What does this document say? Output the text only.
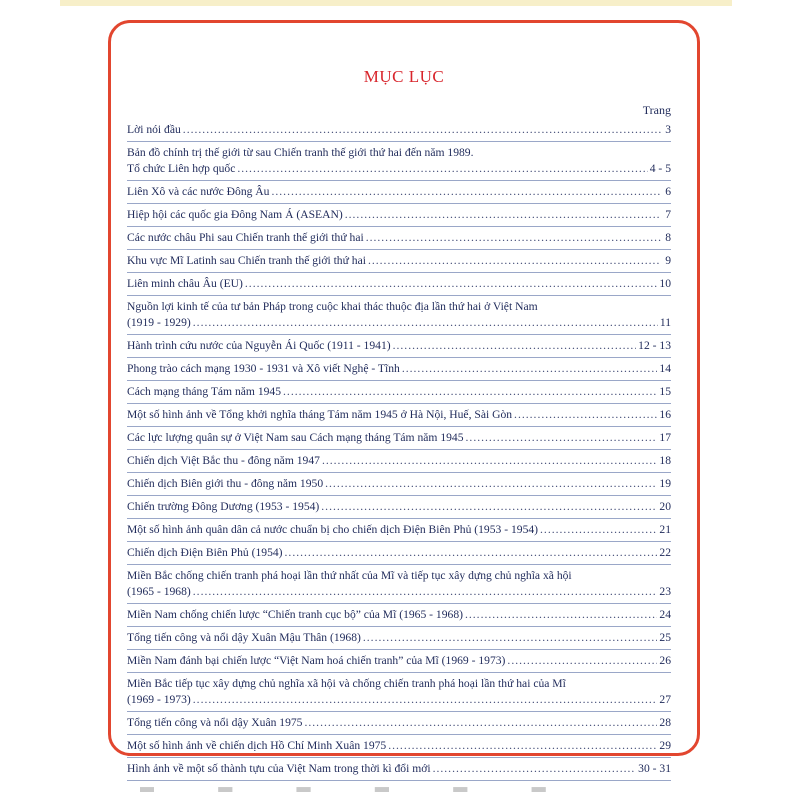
MỤC LỤC
Trang
Lời nói đầu .....	3
Bản đồ chính trị thế giới từ sau Chiến tranh thế giới thứ hai đến năm 1989.
Tổ chức Liên hợp quốc .....	4 - 5
Liên Xô và các nước Đông Âu .....	6
Hiệp hội các quốc gia Đông Nam Á (ASEAN) .....	7
Các nước châu Phi sau Chiến tranh thế giới thứ hai .....	8
Khu vực Mĩ Latinh sau Chiến tranh thế giới thứ hai .....	9
Liên minh châu Âu (EU) .....	10
Nguồn lợi kinh tế của tư bản Pháp trong cuộc khai thác thuộc địa lần thứ hai ở Việt Nam
(1919 - 1929) .....	11
Hành trình cứu nước của Nguyễn Ái Quốc (1911 - 1941) .....	12 - 13
Phong trào cách mạng 1930 - 1931 và Xô viết Nghệ - Tĩnh .....	14
Cách mạng tháng Tám năm 1945 .....	15
Một số hình ảnh về Tổng khởi nghĩa tháng Tám năm 1945 ở Hà Nội, Huế, Sài Gòn .....	16
Các lực lượng quân sự ở Việt Nam sau Cách mạng tháng Tám năm 1945 .....	17
Chiến dịch Việt Bắc thu - đông năm 1947 .....	18
Chiến dịch Biên giới thu - đông năm 1950 .....	19
Chiến trường Đông Dương (1953 - 1954) .....	20
Một số hình ảnh quân dân cả nước chuẩn bị cho chiến dịch Điện Biên Phủ (1953 - 1954) .....	21
Chiến dịch Điện Biên Phủ (1954) .....	22
Miền Bắc chống chiến tranh phá hoại lần thứ nhất của Mĩ và tiếp tục xây dựng chủ nghĩa xã hội
(1965 - 1968) .....	23
Miền Nam chống chiến lược “Chiến tranh cục bộ” của Mĩ (1965 - 1968) .....	24
Tổng tiến công và nổi dậy Xuân Mậu Thân (1968) .....	25
Miền Nam đánh bại chiến lược “Việt Nam hoá chiến tranh” của Mĩ (1969 - 1973) .....	26
Miền Bắc tiếp tục xây dựng chủ nghĩa xã hội và chống chiến tranh phá hoại lần thứ hai của Mĩ
(1969 - 1973) .....	27
Tổng tiến công và nổi dậy Xuân 1975 .....	28
Một số hình ảnh về chiến dịch Hồ Chí Minh Xuân 1975 .....	29
Hình ảnh về một số thành tựu của Việt Nam trong thời kì đổi mới .....	30 - 31
▂ ▂ ▂ ▂ ▂ ▂
